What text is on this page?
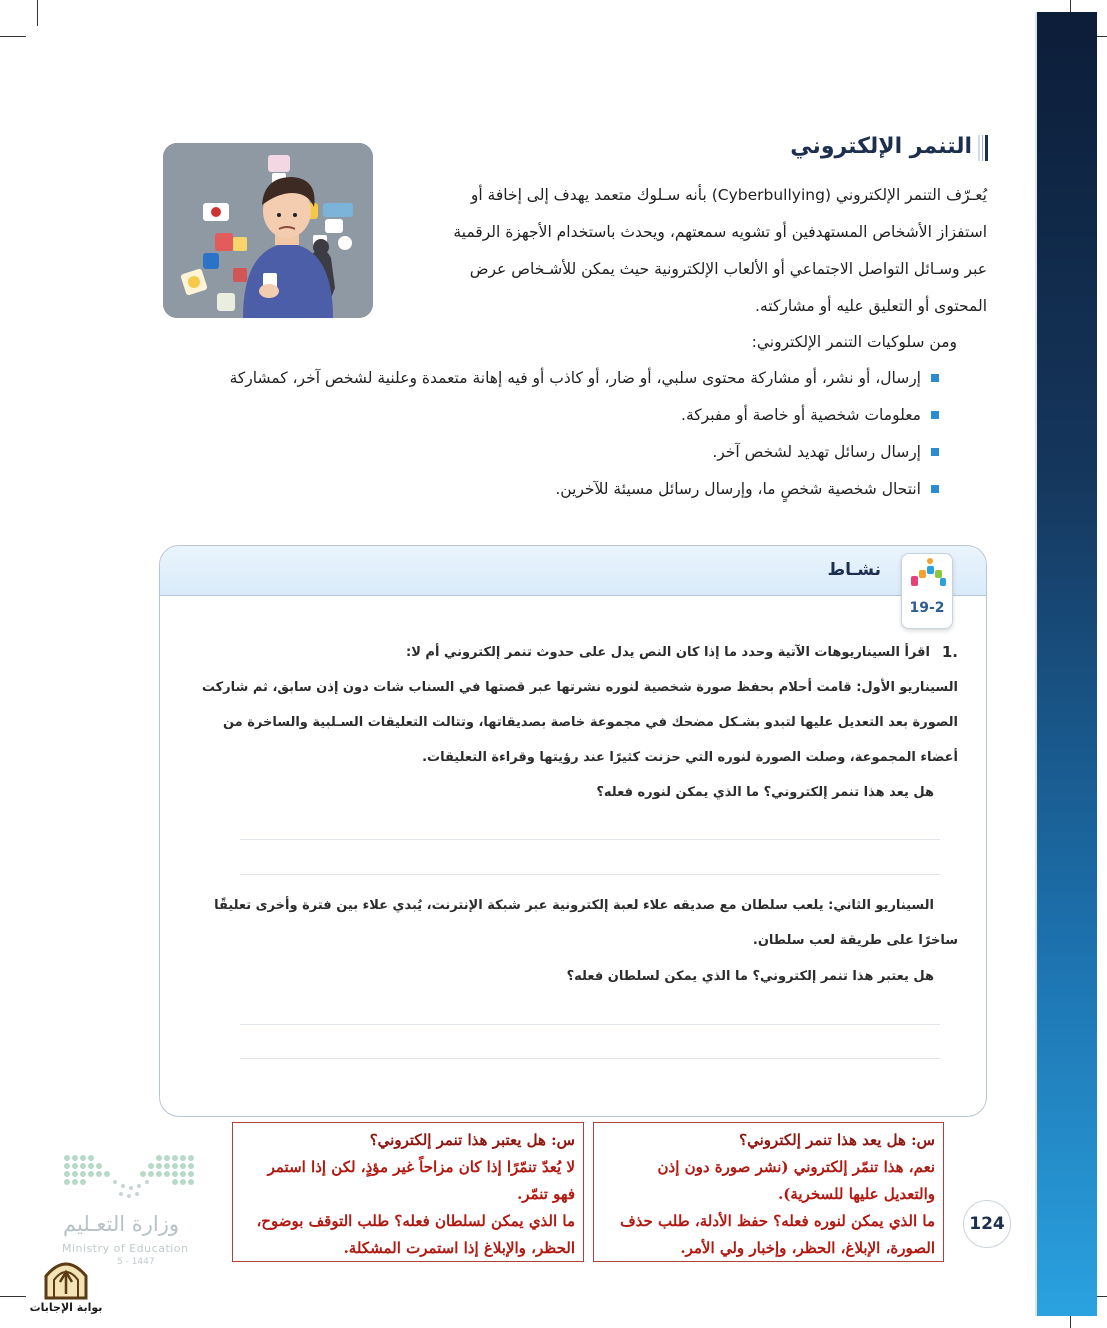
التنمر الإلكتروني
يُعـرّف التنمر الإلكتروني (Cyberbullying) بأنه سـلوك متعمد يهدف إلى إخافة أو
استفزاز الأشخاص المستهدفين أو تشويه سمعتهم، ويحدث باستخدام الأجهزة الرقمية
عبر وسـائل التواصل الاجتماعي أو الألعاب الإلكترونية حيث يمكن للأشـخاص عرض
المحتوى أو التعليق عليه أو مشاركته.
ومن سلوكيات التنمر الإلكتروني:
إرسال، أو نشر، أو مشاركة محتوى سلبي، أو ضار، أو كاذب أو فيه إهانة متعمدة وعلنية لشخص آخر، كمشاركة
معلومات شخصية أو خاصة أو مفبركة.
إرسال رسائل تهديد لشخص آخر.
انتحال شخصية شخصٍ ما، وإرسال رسائل مسيئة للآخرين.
نشـاط
19-2
.1
اقرأ السيناريوهات الآتية وحدد ما إذا كان النص يدل على حدوث تنمر إلكتروني أم لا:
السيناريو الأول: قامت أحلام بحفظ صورة شخصية لنوره نشرتها عبر قصتها في السناب شات دون إذن سابق، ثم شاركت
الصورة بعد التعديل عليها لتبدو بشـكل مضحك في مجموعة خاصة بصديقاتها، وتتالت التعليقات السـلبية والساخرة من
أعضاء المجموعة، وصلت الصورة لنوره التي حزنت كثيرًا عند رؤيتها وقراءة التعليقات.
هل يعد هذا تنمر إلكتروني؟ ما الذي يمكن لنوره فعله؟
السيناريو الثاني: يلعب سلطان مع صديقه علاء لعبة إلكترونية عبر شبكة الإنترنت، يُبدي علاء بين فترة وأخرى تعليقًا
ساخرًا على طريقة لعب سلطان.
هل يعتبر هذا تنمر إلكتروني؟ ما الذي يمكن لسلطان فعله؟
س: هل يعد هذا تنمر إلكتروني؟
نعم، هذا تنمّر إلكتروني (نشر صورة دون إذن
والتعديل عليها للسخرية).
ما الذي يمكن لنوره فعله؟ حفظ الأدلة، طلب حذف
الصورة، الإبلاغ، الحظر، وإخبار ولي الأمر.
س: هل يعتبر هذا تنمر إلكتروني؟
لا يُعدّ تنمّرًا إذا كان مزاحاً غير مؤذٍ، لكن إذا استمر
فهو تنمّر.
ما الذي يمكن لسلطان فعله؟ طلب التوقف بوضوح،
الحظر، والإبلاغ إذا استمرت المشكلة.
124
وزارة التعـليم
Ministry of Education
5 - 1447
بوابة الإجابات
